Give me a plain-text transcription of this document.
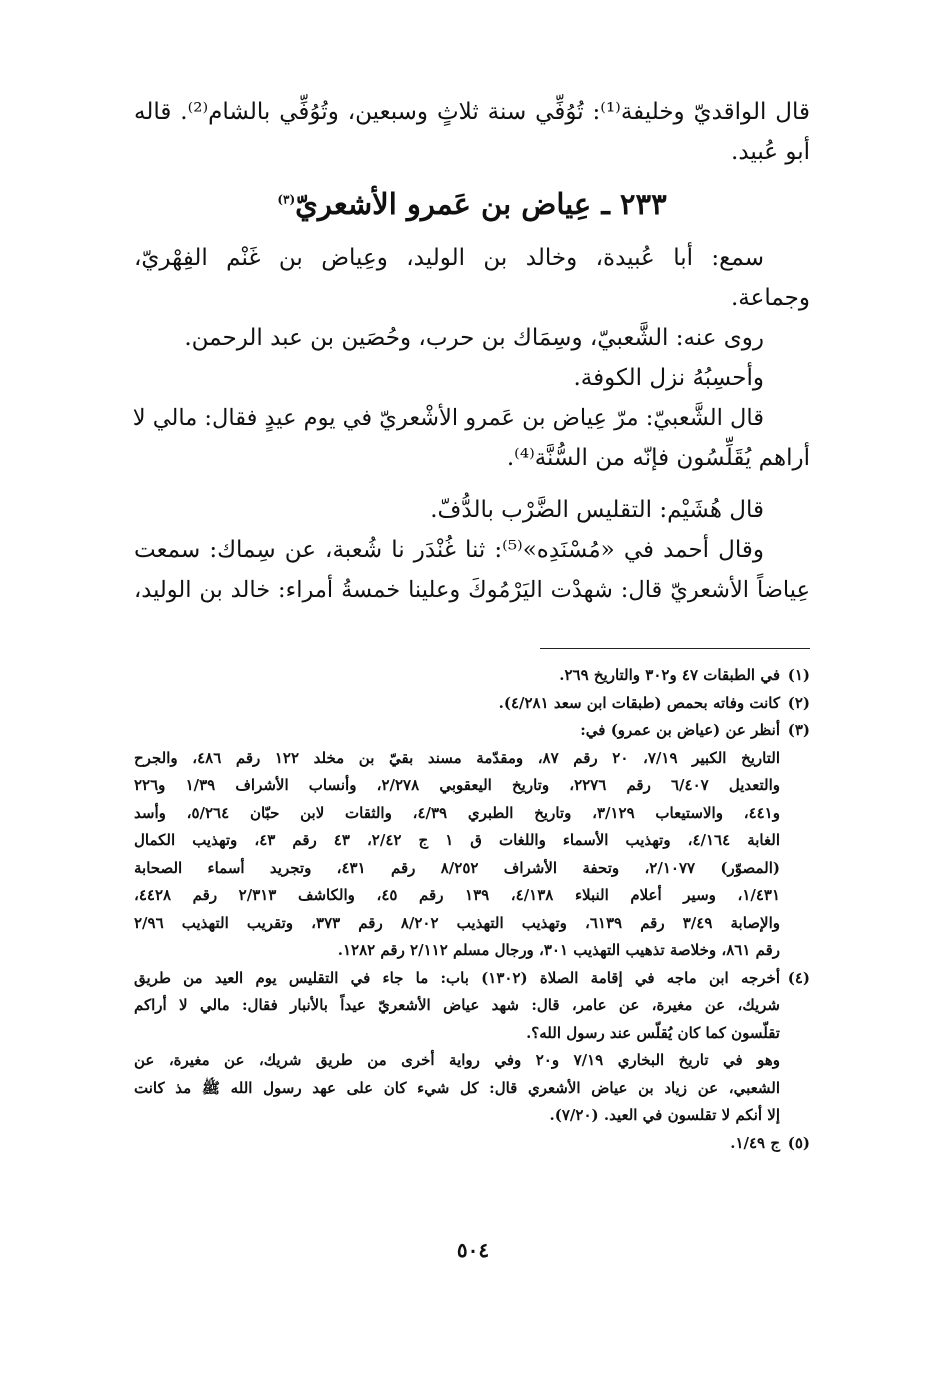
قال الواقديّ وخليفة⁽¹⁾: تُوُفِّي سنة ثلاثٍ وسبعين، وتُوُفِّي بالشام⁽²⁾. قاله
أبو عُبيد.
٢٣٣ ـ عِياض بن عَمرو الأشعريّ$^{(٣)}$
سمع: أبا عُبيدة، وخالد بن الوليد، وعِياض بن غَنْم الفِهْريّ،
وجماعة.
روى عنه: الشَّعبيّ، وسِمَاك بن حرب، وحُصَين بن عبد الرحمن.
وأحسِبُهُ نزل الكوفة.
قال الشَّعبيّ: مرّ عِياض بن عَمرو الأشْعريّ في يوم عيدٍ فقال: مالي لا
أراهم يُقَلِّسُون فإنّه من السُّنَّة⁽⁴⁾.
قال هُشَيْم: التقليس الضَّرْب بالدُّفّ.
وقال أحمد في «مُسْنَدِه»⁽⁵⁾: ثنا غُنْدَر نا شُعبة، عن سِماك: سمعت
عِياضاً الأشعريّ قال: شهدْت اليَرْمُوكَ وعلينا خمسةُ أمراء: خالد بن الوليد،
(١)
في الطبقات ٤٧ و٣٠٢ والتاريخ ٢٦٩.
(٢)
كانت وفاته بحمص (طبقات ابن سعد ٤/٢٨١).
(٣)
أنظر عن (عياض بن عمرو) في:
التاريخ الكبير ٧/١٩، ٢٠ رقم ٨٧، ومقدّمة مسند بقيّ بن مخلد ١٢٢ رقم ٤٨٦، والجرح
والتعديل ٦/٤٠٧ رقم ٢٢٧٦، وتاريخ اليعقوبي ٢/٢٧٨، وأنساب الأشراف ١/٣٩ و٢٢٦
و٤٤١، والاستيعاب ٣/١٢٩، وتاريخ الطبري ٤/٣٩، والثقات لابن حبّان ٥/٢٦٤، وأسد
الغابة ٤/١٦٤، وتهذيب الأسماء واللغات ق ١ ج ٢/٤٢، ٤٣ رقم ٤٣، وتهذيب الكمال
(المصوّر) ٢/١٠٧٧، وتحفة الأشراف ٨/٢٥٢ رقم ٤٣١، وتجريد أسماء الصحابة
١/٤٣١، وسير أعلام النبلاء ٤/١٣٨، ١٣٩ رقم ٤٥، والكاشف ٢/٣١٣ رقم ٤٤٢٨،
والإصابة ٣/٤٩ رقم ٦١٣٩، وتهذيب التهذيب ٨/٢٠٢ رقم ٣٧٣، وتقريب التهذيب ٢/٩٦
رقم ٨٦١، وخلاصة تذهيب التهذيب ٣٠١، ورجال مسلم ٢/١١٢ رقم ١٢٨٢.
(٤)
أخرجه ابن ماجه في إقامة الصلاة (١٣٠٢) باب: ما جاء في التقليس يوم العيد من طريق
شريك، عن مغيرة، عن عامر، قال: شهد عياض الأشعريّ عيداً بالأنبار فقال: مالي لا أراكم
تقلّسون كما كان يُقلّس عند رسول الله؟.
وهو في تاريخ البخاري ٧/١٩ و٢٠ وفي رواية أخرى من طريق شريك، عن مغيرة، عن
الشعبي، عن زياد بن عياض الأشعري قال: كل شيء كان على عهد رسول الله ﷺ مذ كانت
إلا أنكم لا تقلسون في العيد. (٧/٢٠).
(٥)
ج ١/٤٩.
٥٠٤
